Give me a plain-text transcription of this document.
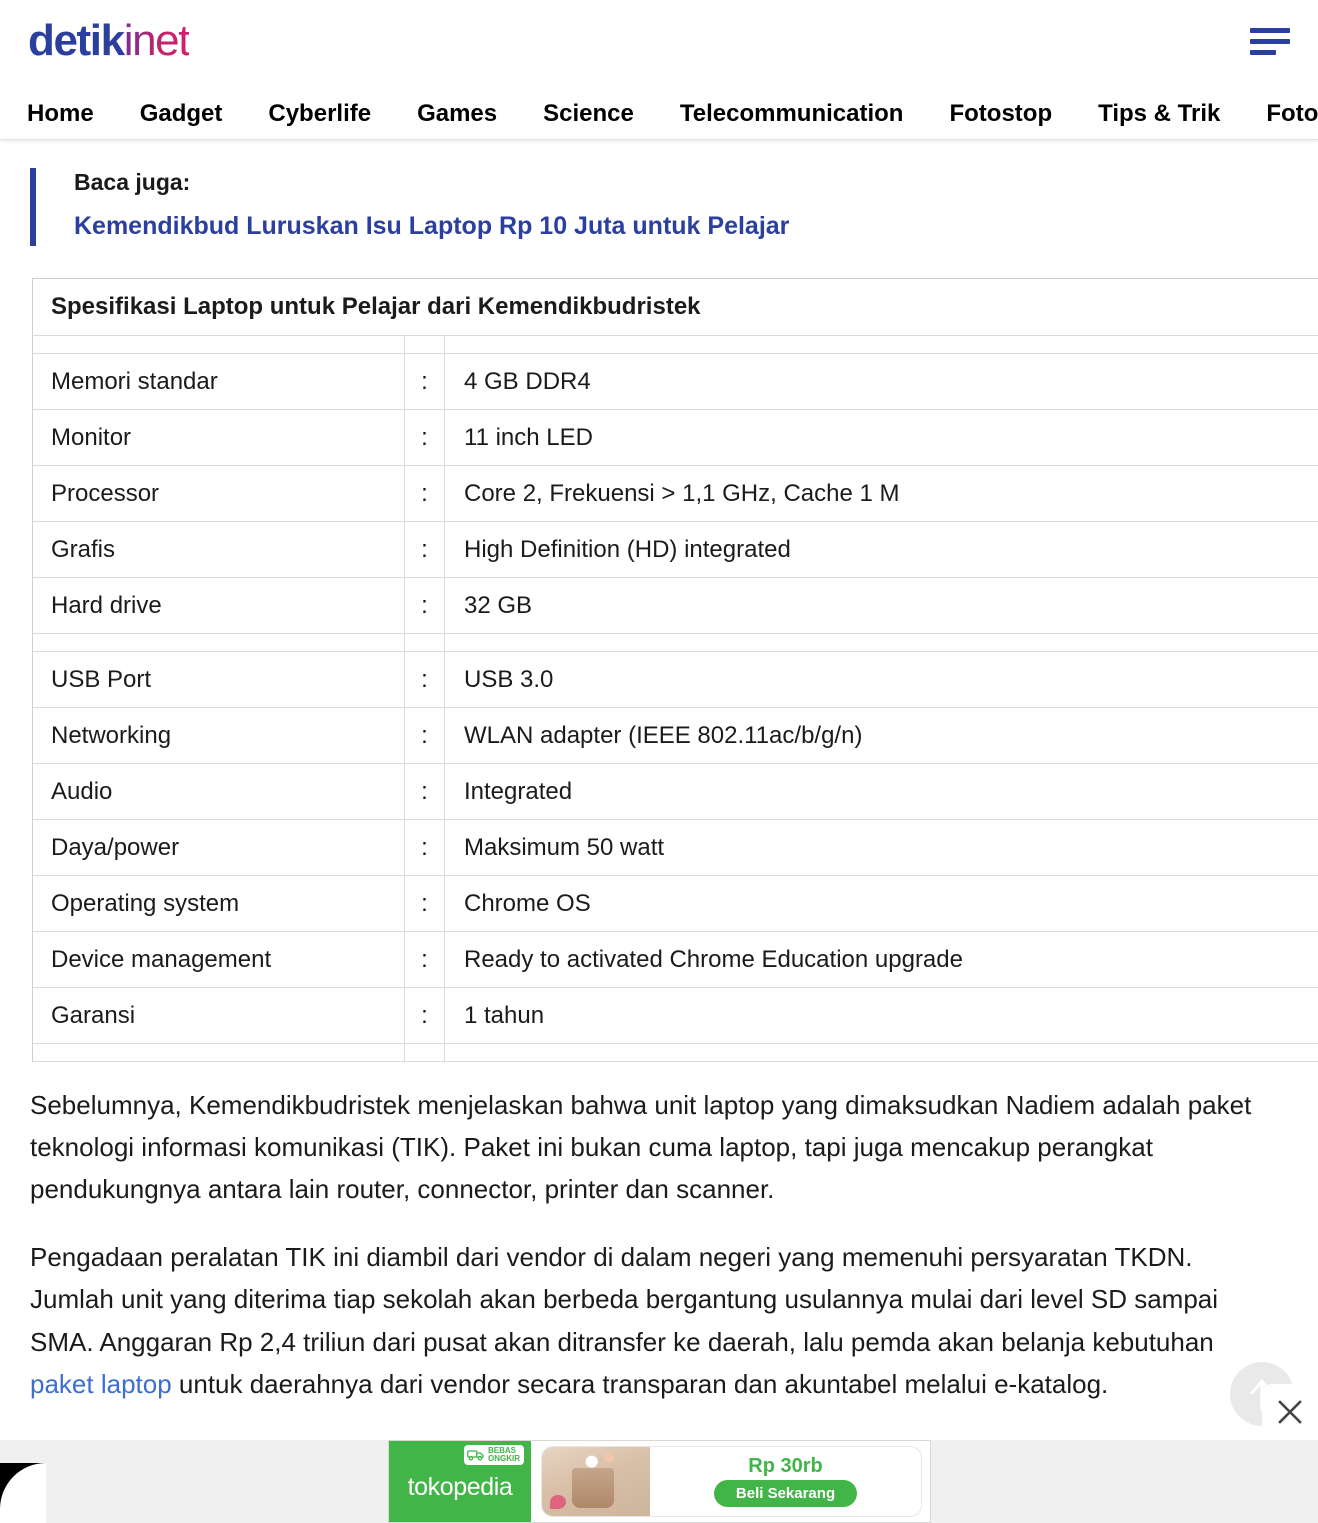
detikinet
Home Gadget Cyberlife Games Science Telecommunication Fotostop Tips & Trik Foto
Baca juga:
Kemendikbud Luruskan Isu Laptop Rp 10 Juta untuk Pelajar
Spesifikasi Laptop untuk Pelajar dari Kemendikbudristek		

Memori standar	:	4 GB DDR4
Monitor	:	11 inch LED

Processor	:	Core 2, Frekuensi > 1,1 GHz, Cache 1 M
Grafis	:	High Definition (HD) integrated
Hard drive	:	32 GB

USB Port	:	USB 3.0
Networking	:	WLAN adapter (IEEE 802.11ac/b/g/n)
Audio	:	Integrated
Daya/power	:	Maksimum 50 watt
Operating system	:	Chrome OS
Device management	:	Ready to activated Chrome Education upgrade
Garansi	:	1 tahun

Sebelumnya, Kemendikbudristek menjelaskan bahwa unit laptop yang dimaksudkan Nadiem adalah paket teknologi informasi komunikasi (TIK). Paket ini bukan cuma laptop, tapi juga mencakup perangkat pendukungnya antara lain router, connector, printer dan scanner.

Pengadaan peralatan TIK ini diambil dari vendor di dalam negeri yang memenuhi persyaratan TKDN. Jumlah unit yang diterima tiap sekolah akan berbeda bergantung usulannya mulai dari level SD sampai SMA. Anggaran Rp 2,4 triliun dari pusat akan ditransfer ke daerah, lalu pemda akan belanja kebutuhan paket laptop untuk daerahnya dari vendor secara transparan dan akuntabel melalui e-katalog.

BEBAS
ONGKIR
tokopedia
Rp 30rb
Beli Sekarang
